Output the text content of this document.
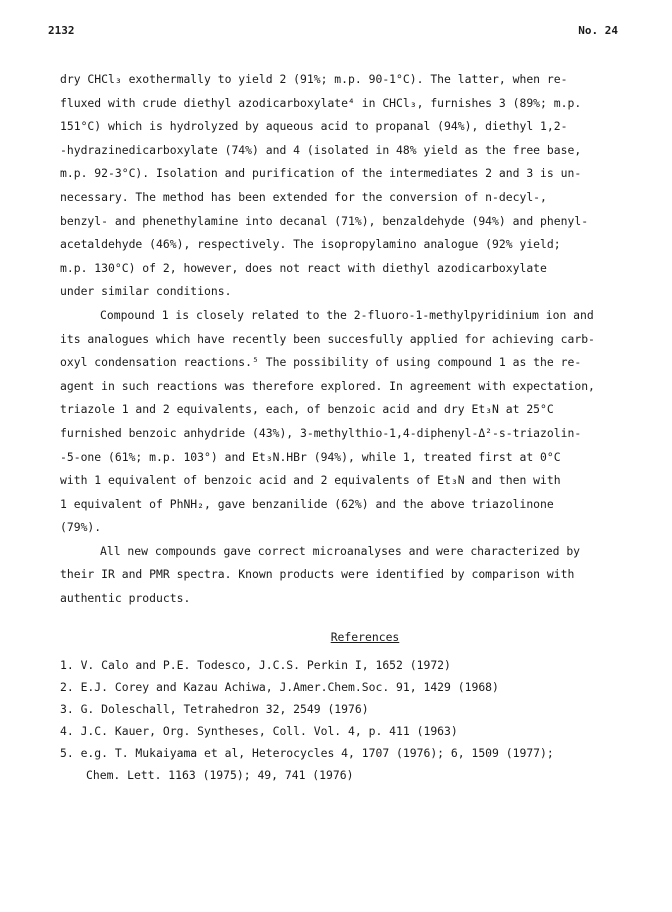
2132	No. 24
dry CHCl₃ exothermally to yield 2 (91%; m.p. 90-1°C). The latter, when re-
fluxed with crude diethyl azodicarboxylate⁴ in CHCl₃, furnishes 3 (89%; m.p.
151°C) which is hydrolyzed by aqueous acid to propanal (94%), diethyl 1,2-
-hydrazinedicarboxylate (74%) and 4 (isolated in 48% yield as the free base,
m.p. 92-3°C). Isolation and purification of the intermediates 2 and 3 is un-
necessary. The method has been extended for the conversion of n-decyl-,
benzyl- and phenethylamine into decanal (71%), benzaldehyde (94%) and phenyl-
acetaldehyde (46%), respectively. The isopropylamino analogue (92% yield;
m.p. 130°C) of 2, however, does not react with diethyl azodicarboxylate
under similar conditions.
Compound 1 is closely related to the 2-fluoro-1-methylpyridinium ion and
its analogues which have recently been succesfully applied for achieving carb-
oxyl condensation reactions.⁵ The possibility of using compound 1 as the re-
agent in such reactions was therefore explored. In agreement with expectation,
triazole 1 and 2 equivalents, each, of benzoic acid and dry Et₃N at 25°C
furnished benzoic anhydride (43%), 3-methylthio-1,4-diphenyl-Δ²-s-triazolin-
-5-one (61%; m.p. 103°) and Et₃N.HBr (94%), while 1, treated first at 0°C
with 1 equivalent of benzoic acid and 2 equivalents of Et₃N and then with
1 equivalent of PhNH₂, gave benzanilide (62%) and the above triazolinone
(79%).
All new compounds gave correct microanalyses and were characterized by
their IR and PMR spectra. Known products were identified by comparison with
authentic products.
References
1. V. Calo and P.E. Todesco, J.C.S. Perkin I, 1652 (1972)
2. E.J. Corey and Kazau Achiwa, J.Amer.Chem.Soc. 91, 1429 (1968)
3. G. Doleschall, Tetrahedron 32, 2549 (1976)
4. J.C. Kauer, Org. Syntheses, Coll. Vol. 4, p. 411 (1963)
5. e.g. T. Mukaiyama et al, Heterocycles 4, 1707 (1976); 6, 1509 (1977);
Chem. Lett. 1163 (1975); 49, 741 (1976)
